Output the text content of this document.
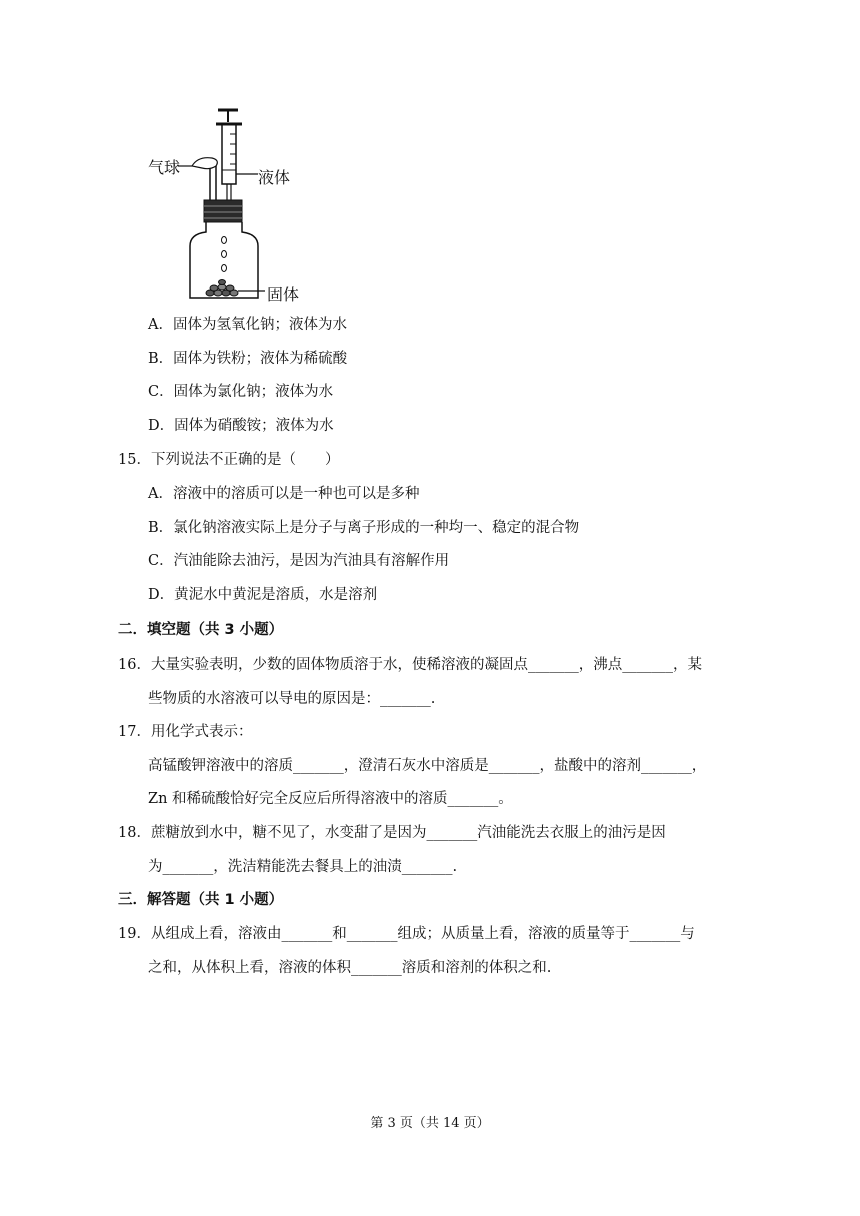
气球
液体
固体
A．固体为氢氧化钠；液体为水
B．固体为铁粉；液体为稀硫酸
C．固体为氯化钠；液体为水
D．固体为硝酸铵；液体为水
15．下列说法不正确的是（　　）
A．溶液中的溶质可以是一种也可以是多种
B．氯化钠溶液实际上是分子与离子形成的一种均一、稳定的混合物
C．汽油能除去油污，是因为汽油具有溶解作用
D．黄泥水中黄泥是溶质，水是溶剂
二．填空题（共 3 小题）
16．大量实验表明，少数的固体物质溶于水，使稀溶液的凝固点_______，沸点_______，某
些物质的水溶液可以导电的原因是：_______.
17．用化学式表示：
高锰酸钾溶液中的溶质_______，澄清石灰水中溶质是_______，盐酸中的溶剂_______，
Zn 和稀硫酸恰好完全反应后所得溶液中的溶质_______。
18．蔗糖放到水中，糖不见了，水变甜了是因为_______汽油能洗去衣服上的油污是因
为_______，洗洁精能洗去餐具上的油渍_______.
三．解答题（共 1 小题）
19．从组成上看，溶液由_______和_______组成；从质量上看，溶液的质量等于_______与
之和，从体积上看，溶液的体积_______溶质和溶剂的体积之和.
第 3 页（共 14 页）
